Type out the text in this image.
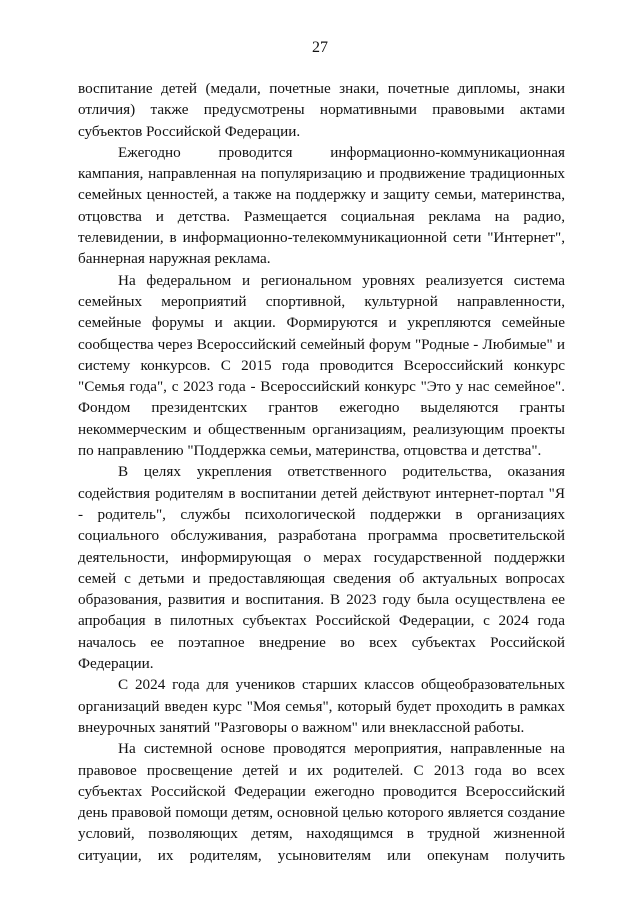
27

воспитание детей (медали, почетные знаки, почетные дипломы, знаки отличия) также предусмотрены нормативными правовыми актами субъектов Российской Федерации.

Ежегодно проводится информационно-коммуникационная кампания, направленная на популяризацию и продвижение традиционных семейных ценностей, а также на поддержку и защиту семьи, материнства, отцовства и детства. Размещается социальная реклама на радио, телевидении, в информационно-телекоммуникационной сети "Интернет", баннерная наружная реклама.

На федеральном и региональном уровнях реализуется система семейных мероприятий спортивной, культурной направленности, семейные форумы и акции. Формируются и укрепляются семейные сообщества через Всероссийский семейный форум "Родные - Любимые" и систему конкурсов. С 2015 года проводится Всероссийский конкурс "Семья года", с 2023 года - Всероссийский конкурс "Это у нас семейное". Фондом президентских грантов ежегодно выделяются гранты некоммерческим и общественным организациям, реализующим проекты по направлению "Поддержка семьи, материнства, отцовства и детства".

В целях укрепления ответственного родительства, оказания содействия родителям в воспитании детей действуют интернет-портал "Я - родитель", службы психологической поддержки в организациях социального обслуживания, разработана программа просветительской деятельности, информирующая о мерах государственной поддержки семей с детьми и предоставляющая сведения об актуальных вопросах образования, развития и воспитания. В 2023 году была осуществлена ее апробация в пилотных субъектах Российской Федерации, с 2024 года началось ее поэтапное внедрение во всех субъектах Российской Федерации.

С 2024 года для учеников старших классов общеобразовательных организаций введен курс "Моя семья", который будет проходить в рамках внеурочных занятий "Разговоры о важном" или внеклассной работы.

На системной основе проводятся мероприятия, направленные на правовое просвещение детей и их родителей. С 2013 года во всех субъектах Российской Федерации ежегодно проводится Всероссийский день правовой помощи детям, основной целью которого является создание условий, позволяющих детям, находящимся в трудной жизненной ситуации, их родителям, усыновителям или опекунам получить
